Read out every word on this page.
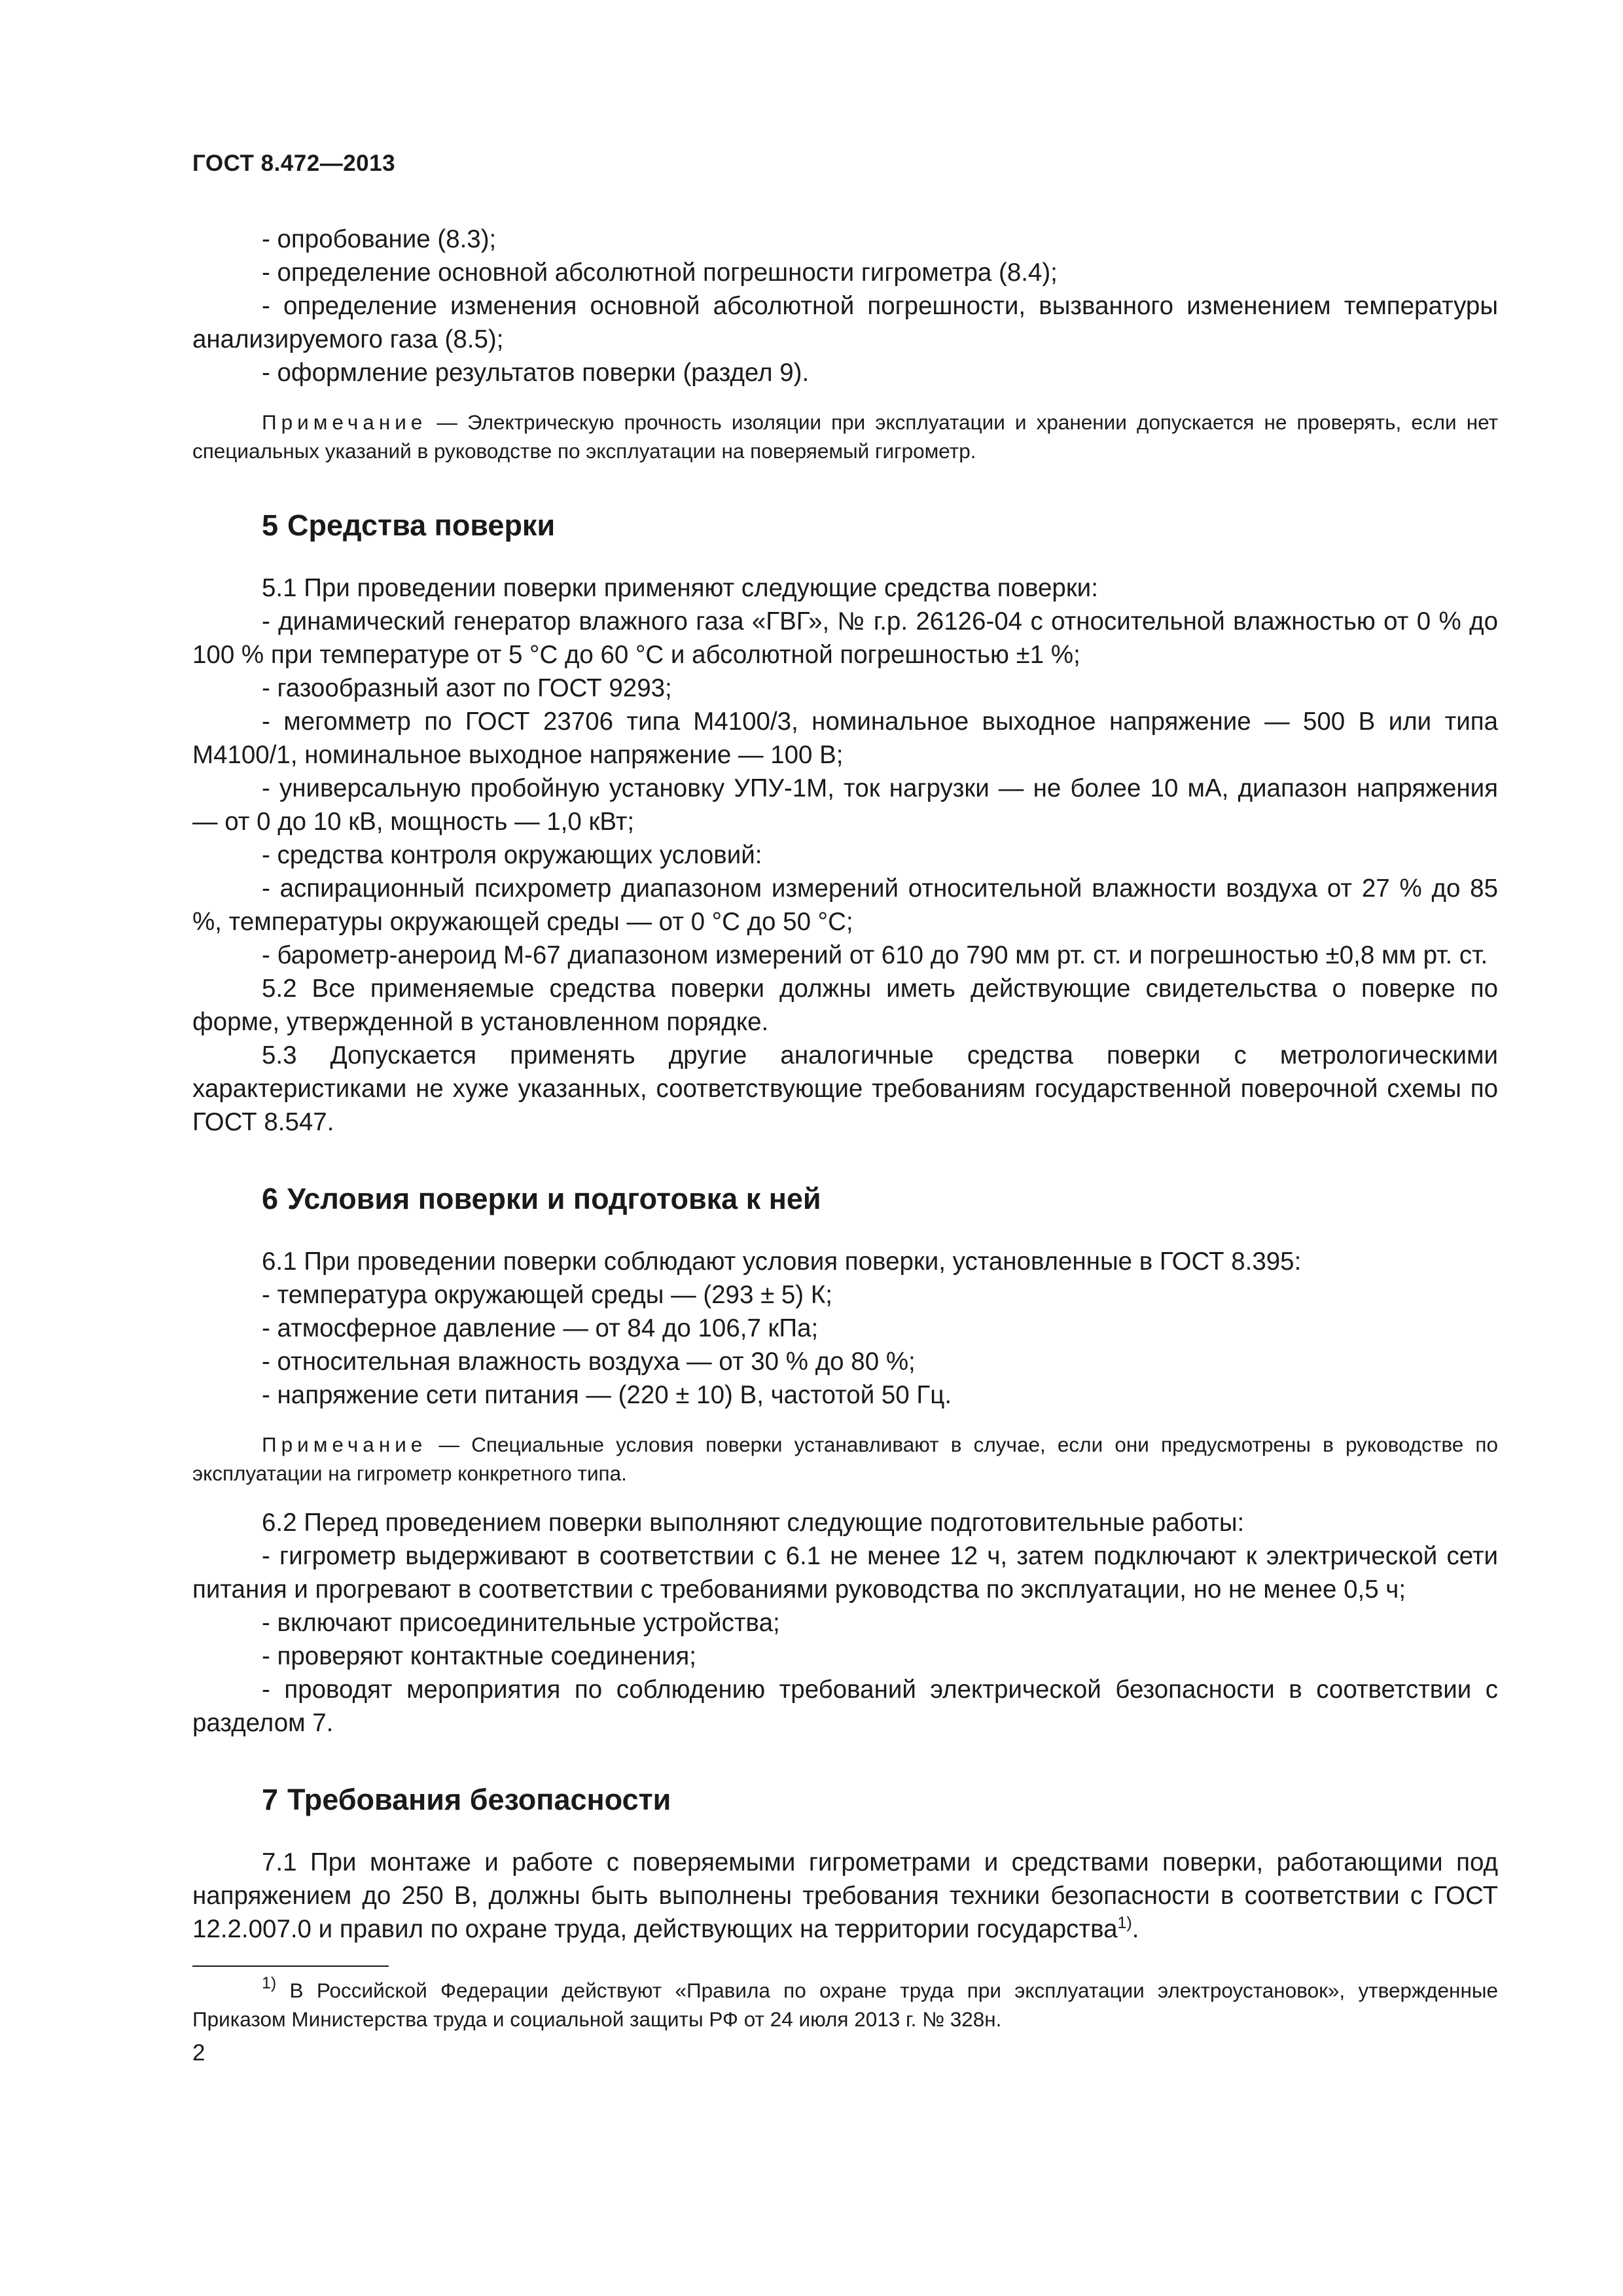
ГОСТ 8.472—2013

- опробование (8.3);

- определение основной абсолютной погрешности гигрометра (8.4);

- определение изменения основной абсолютной погрешности, вызванного изменением температуры анализируемого газа (8.5);

- оформление результатов поверки (раздел 9).

Примечание — Электрическую прочность изоляции при эксплуатации и хранении допускается не проверять, если нет специальных указаний в руководстве по эксплуатации на поверяемый гигрометр.

5 Средства поверки

5.1 При проведении поверки применяют следующие средства поверки:

- динамический генератор влажного газа «ГВГ», № г.р. 26126-04 с относительной влажностью от 0 % до 100 % при температуре от 5 °С до 60 °С и абсолютной погрешностью ±1 %;

- газообразный азот по ГОСТ 9293;

- мегомметр по ГОСТ 23706 типа М4100/3, номинальное выходное напряжение — 500 В или типа М4100/1, номинальное выходное напряжение — 100 В;

- универсальную пробойную установку УПУ-1М, ток нагрузки — не более 10 мА, диапазон напряжения — от 0 до 10 кВ, мощность — 1,0 кВт;

- средства контроля окружающих условий:

- аспирационный психрометр диапазоном измерений относительной влажности воздуха от 27 % до 85 %, температуры окружающей среды — от 0 °С до 50 °С;

- барометр-анероид М-67 диапазоном измерений от 610 до 790 мм рт. ст. и погрешностью ±0,8 мм рт. ст.

5.2 Все применяемые средства поверки должны иметь действующие свидетельства о поверке по форме, утвержденной в установленном порядке.

5.3 Допускается применять другие аналогичные средства поверки с метрологическими характеристиками не хуже указанных, соответствующие требованиям государственной поверочной схемы по ГОСТ 8.547.

6 Условия поверки и подготовка к ней

6.1 При проведении поверки соблюдают условия поверки, установленные в ГОСТ 8.395:

- температура окружающей среды — (293 ± 5) К;

- атмосферное давление — от 84 до 106,7 кПа;

- относительная влажность воздуха — от 30 % до 80 %;

- напряжение сети питания — (220 ± 10) В, частотой 50 Гц.

Примечание — Специальные условия поверки устанавливают в случае, если они предусмотрены в руководстве по эксплуатации на гигрометр конкретного типа.

6.2 Перед проведением поверки выполняют следующие подготовительные работы:

- гигрометр выдерживают в соответствии с 6.1 не менее 12 ч, затем подключают к электрической сети питания и прогревают в соответствии с требованиями руководства по эксплуатации, но не менее 0,5 ч;

- включают присоединительные устройства;

- проверяют контактные соединения;

- проводят мероприятия по соблюдению требований электрической безопасности в соответствии с разделом 7.

7 Требования безопасности

7.1 При монтаже и работе с поверяемыми гигрометрами и средствами поверки, работающими под напряжением до 250 В, должны быть выполнены требования техники безопасности в соответствии с ГОСТ 12.2.007.0 и правил по охране труда, действующих на территории государства$^{1)}$.

$^{1)}$ В Российской Федерации действуют «Правила по охране труда при эксплуатации электроустановок», утвержденные Приказом Министерства труда и социальной защиты РФ от 24 июля 2013 г. № 328н.

2
